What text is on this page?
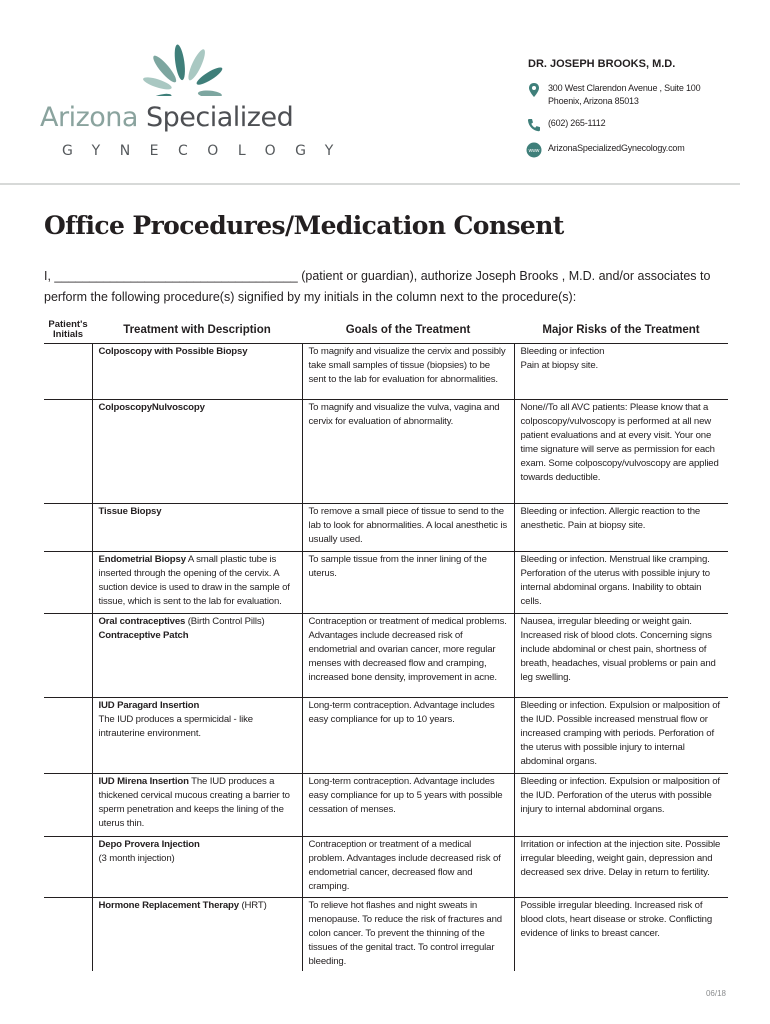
Arizona Specialized
GYNECOLOGY
DR. JOSEPH BROOKS, M.D.
300 West Clarendon Avenue , Suite 100
Phoenix, Arizona 85013
(602) 265-1112
www ArizonaSpecializedGynecology.com
Office Procedures/Medication Consent

I, ___________________________________ (patient or guardian), authorize Joseph Brooks , M.D. and/or associates to perform the following procedure(s) signified by my initials in the column next to the procedure(s):

Patient's Initials	Treatment with Description	Goals of the Treatment	Major Risks of the Treatment
	Colposcopy with Possible Biopsy	To magnify and visualize the cervix and possibly take small samples of tissue (biopsies) to be sent to the lab for evaluation for abnormalities.	Bleeding or infection
Pain at biopsy site.
	ColposcopyNulvoscopy	To magnify and visualize the vulva, vagina and cervix for evaluation of abnormality.	None//To all AVC patients: Please know that a colposcopy/vulvoscopy is performed at all new patient evaluations and at every visit. Your one time signature will serve as permission for each exam. Some colposcopy/vulvoscopy are applied towards deductible.
	Tissue Biopsy	To remove a small piece of tissue to send to the lab to look for abnormalities. A local anesthetic is usually used.	Bleeding or infection. Allergic reaction to the anesthetic. Pain at biopsy site.
	Endometrial Biopsy A small plastic tube is inserted through the opening of the cervix. A suction device is used to draw in the sample of tissue, which is sent to the lab for evaluation.	To sample tissue from the inner lining of the uterus.	Bleeding or infection. Menstrual like cramping. Perforation of the uterus with possible injury to internal abdominal organs. Inability to obtain cells.
	Oral contraceptives (Birth Control Pills)
Contraceptive Patch	Contraception or treatment of medical problems. Advantages include decreased risk of endometrial and ovarian cancer, more regular menses with decreased flow and cramping, increased bone density, improvement in acne.	Nausea, irregular bleeding or weight gain. Increased risk of blood clots. Concerning signs include abdominal or chest pain, shortness of breath, headaches, visual problems or pain and leg swelling.
	IUD Paragard Insertion
The IUD produces a spermicidal - like intrauterine environment.	Long-term contraception. Advantage includes easy compliance for up to 10 years.	Bleeding or infection. Expulsion or malposition of the IUD. Possible increased menstrual flow or increased cramping with periods. Perforation of the uterus with possible injury to internal abdominal organs.
	IUD Mirena Insertion The IUD produces a thickened cervical mucous creating a barrier to sperm penetration and keeps the lining of the uterus thin.	Long-term contraception. Advantage includes easy compliance for up to 5 years with possible cessation of menses.	Bleeding or infection. Expulsion or malposition of the IUD. Perforation of the uterus with possible injury to internal abdominal organs.
	Depo Provera Injection
(3 month injection)	Contraception or treatment of a medical problem. Advantages include decreased risk of endometrial cancer, decreased flow and cramping.	Irritation or infection at the injection site. Possible irregular bleeding, weight gain, depression and decreased sex drive. Delay in return to fertility.
	Hormone Replacement Therapy (HRT)	To relieve hot flashes and night sweats in menopause. To reduce the risk of fractures and colon cancer. To prevent the thinning of the tissues of the genital tract. To control irregular bleeding.	Possible irregular bleeding. Increased risk of blood clots, heart disease or stroke. Conflicting evidence of links to breast cancer.
06/18
